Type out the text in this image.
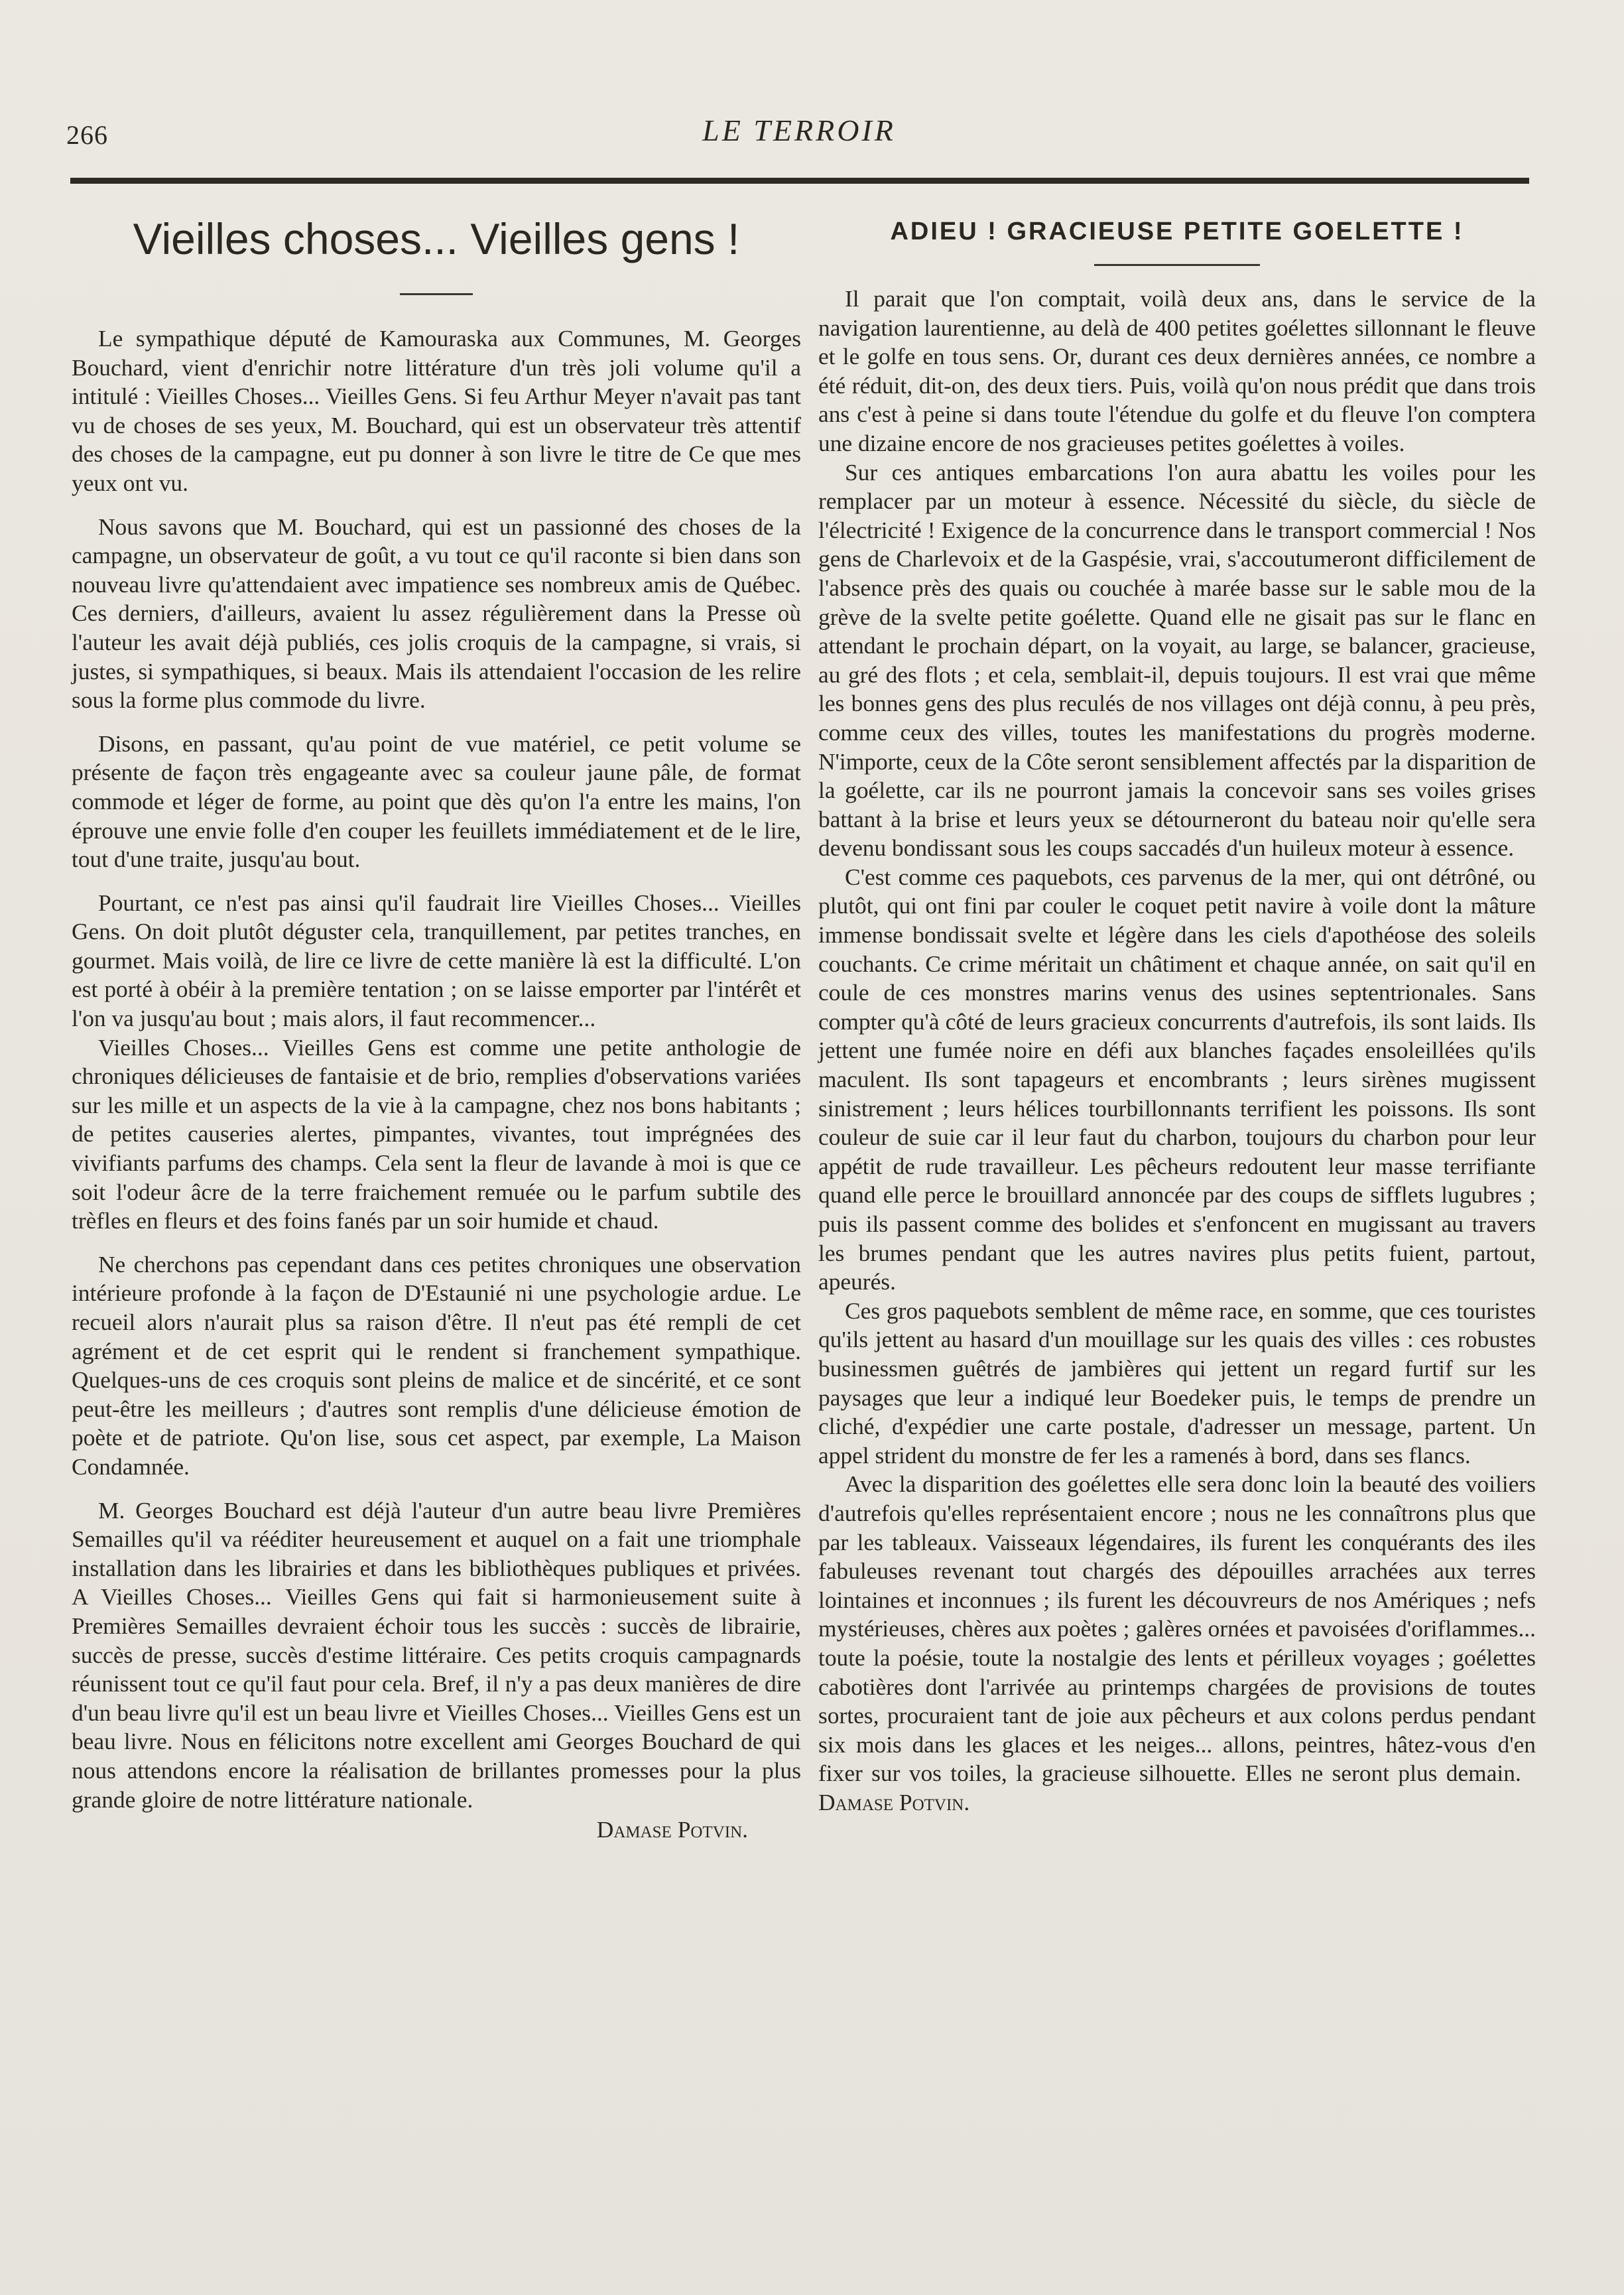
266	LE TERROIR
Vieilles choses... Vieilles gens !

Le sympathique député de Kamouraska aux Communes, M. Georges Bouchard, vient d'enrichir notre littérature d'un très joli volume qu'il a intitulé : Vieilles Choses... Vieilles Gens. Si feu Arthur Meyer n'avait pas tant vu de choses de ses yeux, M. Bouchard, qui est un observateur très attentif des choses de la campagne, eut pu donner à son livre le titre de Ce que mes yeux ont vu.

Nous savons que M. Bouchard, qui est un passionné des choses de la campagne, un observateur de goût, a vu tout ce qu'il raconte si bien dans son nouveau livre qu'attendaient avec impatience ses nombreux amis de Québec. Ces derniers, d'ailleurs, avaient lu assez régulièrement dans la Presse où l'auteur les avait déjà publiés, ces jolis croquis de la campagne, si vrais, si justes, si sympathiques, si beaux. Mais ils attendaient l'occasion de les relire sous la forme plus commode du livre.

Disons, en passant, qu'au point de vue matériel, ce petit volume se présente de façon très engageante avec sa couleur jaune pâle, de format commode et léger de forme, au point que dès qu'on l'a entre les mains, l'on éprouve une envie folle d'en couper les feuillets immédiatement et de le lire, tout d'une traite, jusqu'au bout.

Pourtant, ce n'est pas ainsi qu'il faudrait lire Vieilles Choses... Vieilles Gens. On doit plutôt déguster cela, tranquillement, par petites tranches, en gourmet. Mais voilà, de lire ce livre de cette manière là est la difficulté. L'on est porté à obéir à la première tentation ; on se laisse emporter par l'intérêt et l'on va jusqu'au bout ; mais alors, il faut recommencer...

Vieilles Choses... Vieilles Gens est comme une petite anthologie de chroniques délicieuses de fantaisie et de brio, remplies d'observations variées sur les mille et un aspects de la vie à la campagne, chez nos bons habitants ; de petites causeries alertes, pimpantes, vivantes, tout imprégnées des vivifiants parfums des champs. Cela sent la fleur de lavande à moi is que ce soit l'odeur âcre de la terre fraichement remuée ou le parfum subtile des trèfles en fleurs et des foins fanés par un soir humide et chaud.

Ne cherchons pas cependant dans ces petites chroniques une observation intérieure profonde à la façon de D'Estaunié ni une psychologie ardue. Le recueil alors n'aurait plus sa raison d'être. Il n'eut pas été rempli de cet agrément et de cet esprit qui le rendent si franchement sympathique. Quelques-uns de ces croquis sont pleins de malice et de sincérité, et ce sont peut-être les meilleurs ; d'autres sont remplis d'une délicieuse émotion de poète et de patriote. Qu'on lise, sous cet aspect, par exemple, La Maison Condamnée.

M. Georges Bouchard est déjà l'auteur d'un autre beau livre Premières Semailles qu'il va rééditer heureusement et auquel on a fait une triomphale installation dans les librairies et dans les bibliothèques publiques et privées. A Vieilles Choses... Vieilles Gens qui fait si harmonieusement suite à Premières Semailles devraient échoir tous les succès : succès de librairie, succès de presse, succès d'estime littéraire. Ces petits croquis campagnards réunissent tout ce qu'il faut pour cela. Bref, il n'y a pas deux manières de dire d'un beau livre qu'il est un beau livre et Vieilles Choses... Vieilles Gens est un beau livre. Nous en félicitons notre excellent ami Georges Bouchard de qui nous attendons encore la réalisation de brillantes promesses pour la plus grande gloire de notre littérature nationale.

Damase Potvin.
ADIEU ! GRACIEUSE PETITE GOELETTE !

Il parait que l'on comptait, voilà deux ans, dans le service de la navigation laurentienne, au delà de 400 petites goélettes sillonnant le fleuve et le golfe en tous sens. Or, durant ces deux dernières années, ce nombre a été réduit, dit-on, des deux tiers. Puis, voilà qu'on nous prédit que dans trois ans c'est à peine si dans toute l'étendue du golfe et du fleuve l'on comptera une dizaine encore de nos gracieuses petites goélettes à voiles.

Sur ces antiques embarcations l'on aura abattu les voiles pour les remplacer par un moteur à essence. Nécessité du siècle, du siècle de l'électricité ! Exigence de la concurrence dans le transport commercial ! Nos gens de Charlevoix et de la Gaspésie, vrai, s'accoutumeront difficilement de l'absence près des quais ou couchée à marée basse sur le sable mou de la grève de la svelte petite goélette. Quand elle ne gisait pas sur le flanc en attendant le prochain départ, on la voyait, au large, se balancer, gracieuse, au gré des flots ; et cela, semblait-il, depuis toujours. Il est vrai que même les bonnes gens des plus reculés de nos villages ont déjà connu, à peu près, comme ceux des villes, toutes les manifestations du progrès moderne. N'importe, ceux de la Côte seront sensiblement affectés par la disparition de la goélette, car ils ne pourront jamais la concevoir sans ses voiles grises battant à la brise et leurs yeux se détourneront du bateau noir qu'elle sera devenu bondissant sous les coups saccadés d'un huileux moteur à essence.

C'est comme ces paquebots, ces parvenus de la mer, qui ont détrôné, ou plutôt, qui ont fini par couler le coquet petit navire à voile dont la mâture immense bondissait svelte et légère dans les ciels d'apothéose des soleils couchants. Ce crime méritait un châtiment et chaque année, on sait qu'il en coule de ces monstres marins venus des usines septentrionales. Sans compter qu'à côté de leurs gracieux concurrents d'autrefois, ils sont laids. Ils jettent une fumée noire en défi aux blanches façades ensoleillées qu'ils maculent. Ils sont tapageurs et encombrants ; leurs sirènes mugissent sinistrement ; leurs hélices tourbillonnants terrifient les poissons. Ils sont couleur de suie car il leur faut du charbon, toujours du charbon pour leur appétit de rude travailleur. Les pêcheurs redoutent leur masse terrifiante quand elle perce le brouillard annoncée par des coups de sifflets lugubres ; puis ils passent comme des bolides et s'enfoncent en mugissant au travers les brumes pendant que les autres navires plus petits fuient, partout, apeurés.

Ces gros paquebots semblent de même race, en somme, que ces touristes qu'ils jettent au hasard d'un mouillage sur les quais des villes : ces robustes businessmen guêtrés de jambières qui jettent un regard furtif sur les paysages que leur a indiqué leur Boedeker puis, le temps de prendre un cliché, d'expédier une carte postale, d'adresser un message, partent. Un appel strident du monstre de fer les a ramenés à bord, dans ses flancs.

Avec la disparition des goélettes elle sera donc loin la beauté des voiliers d'autrefois qu'elles représentaient encore ; nous ne les connaîtrons plus que par les tableaux. Vaisseaux légendaires, ils furent les conquérants des iles fabuleuses revenant tout chargés des dépouilles arrachées aux terres lointaines et inconnues ; ils furent les découvreurs de nos Amériques ; nefs mystérieuses, chères aux poètes ; galères ornées et pavoisées d'oriflammes... toute la poésie, toute la nostalgie des lents et périlleux voyages ; goélettes cabotières dont l'arrivée au printemps chargées de provisions de toutes sortes, procuraient tant de joie aux pêcheurs et aux colons perdus pendant six mois dans les glaces et les neiges... allons, peintres, hâtez-vous d'en fixer sur vos toiles, la gracieuse silhouette. Elles ne seront plus demain.   Damase Potvin.
